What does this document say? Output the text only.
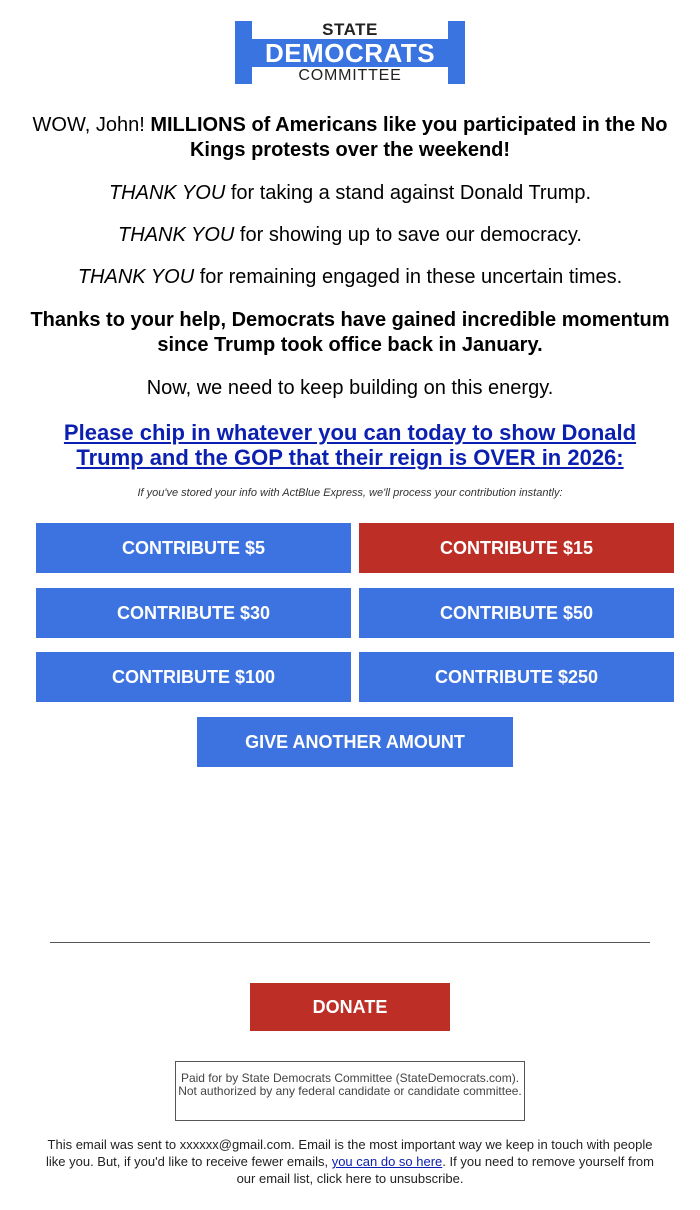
STATE
COMMITTEE
DEMOCRATS

WOW, John! MILLIONS of Americans like you participated in the No Kings protests over the weekend!

THANK YOU for taking a stand against Donald Trump.

THANK YOU for showing up to save our democracy.

THANK YOU for remaining engaged in these uncertain times.

Thanks to your help, Democrats have gained incredible momentum since Trump took office back in January.

Now, we need to keep building on this energy.

Please chip in whatever you can today to show Donald Trump and the GOP that their reign is OVER in 2026:
If you've stored your info with ActBlue Express, we'll process your contribution instantly:
CONTRIBUTE $5	CONTRIBUTE $15
CONTRIBUTE $30	CONTRIBUTE $50
CONTRIBUTE $100	CONTRIBUTE $250
GIVE ANOTHER AMOUNT
DONATE
Paid for by State Democrats Committee (StateDemocrats.com). Not authorized by any federal candidate or candidate committee.
This email was sent to xxxxxx@gmail.com. Email is the most important way we keep in touch with people like you. But, if you'd like to receive fewer emails, you can do so here. If you need to remove yourself from our email list, click here to unsubscribe.
